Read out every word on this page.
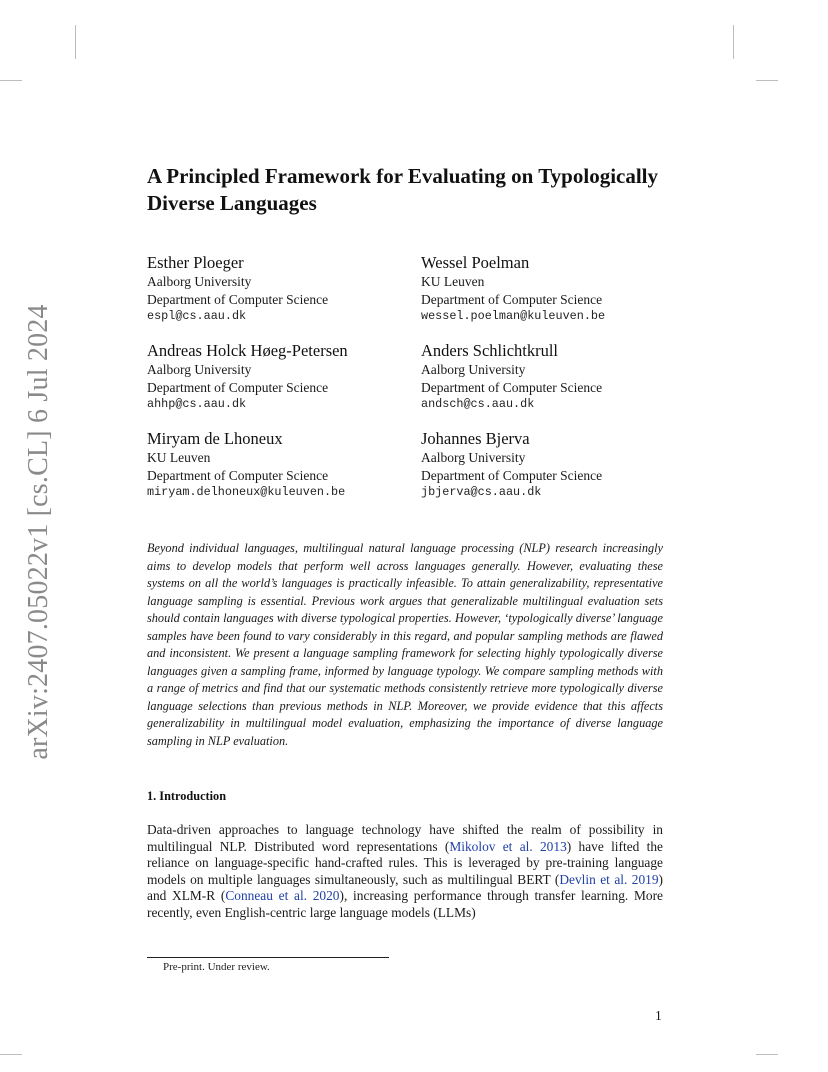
arXiv:2407.05022v1 [cs.CL] 6 Jul 2024
A Principled Framework for Evaluating on Typologically Diverse Languages
Esther Ploeger
Aalborg University
Department of Computer Science
espl@cs.aau.dk
Wessel Poelman
KU Leuven
Department of Computer Science
wessel.poelman@kuleuven.be
Andreas Holck Høeg-Petersen
Aalborg University
Department of Computer Science
ahhp@cs.aau.dk
Anders Schlichtkrull
Aalborg University
Department of Computer Science
andsch@cs.aau.dk
Miryam de Lhoneux
KU Leuven
Department of Computer Science
miryam.delhoneux@kuleuven.be
Johannes Bjerva
Aalborg University
Department of Computer Science
jbjerva@cs.aau.dk

Beyond individual languages, multilingual natural language processing (NLP) research increasingly aims to develop models that perform well across languages generally. However, evaluating these systems on all the world’s languages is practically infeasible. To attain generalizability, representative language sampling is essential. Previous work argues that generalizable multilingual evaluation sets should contain languages with diverse typological properties. However, ‘typologically diverse’ language samples have been found to vary considerably in this regard, and popular sampling methods are flawed and inconsistent. We present a language sampling framework for selecting highly typologically diverse languages given a sampling frame, informed by language typology. We compare sampling methods with a range of metrics and find that our systematic methods consistently retrieve more typologically diverse language selections than previous methods in NLP. Moreover, we provide evidence that this affects generalizability in multilingual model evaluation, emphasizing the importance of diverse language sampling in NLP evaluation.

1. Introduction

Data-driven approaches to language technology have shifted the realm of possibility in multilingual NLP. Distributed word representations (Mikolov et al. 2013) have lifted the reliance on language-specific hand-crafted rules. This is leveraged by pre-training language models on multiple languages simultaneously, such as multilingual BERT (Devlin et al. 2019) and XLM-R (Conneau et al. 2020), increasing performance through transfer learning. More recently, even English-centric large language models (LLMs)

Pre-print. Under review.

1
